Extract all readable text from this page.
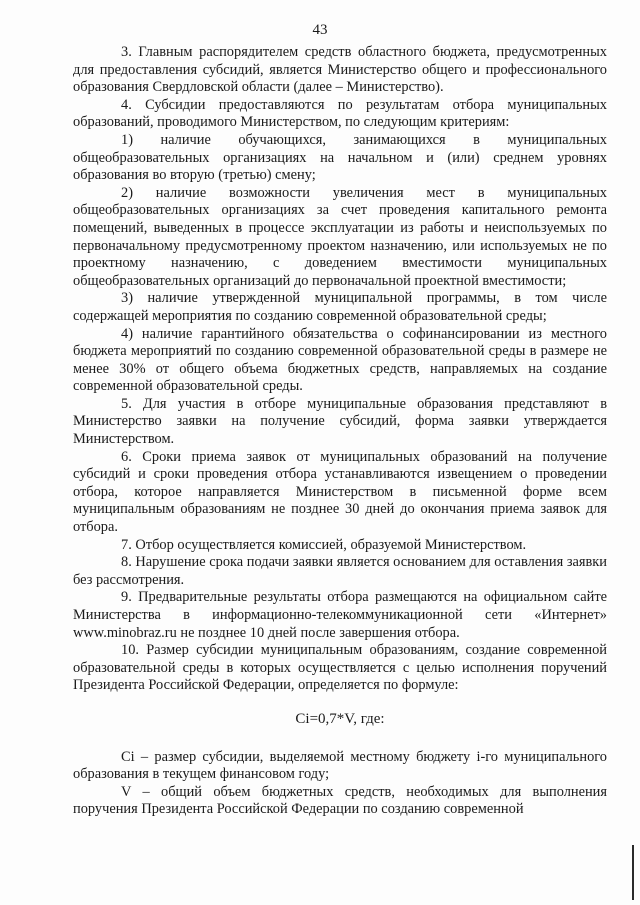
43

3. Главным распорядителем средств областного бюджета, предусмотренных для предоставления субсидий, является Министерство общего и профессионального образования Свердловской области (далее – Министерство).

4. Субсидии предоставляются по результатам отбора муниципальных образований, проводимого Министерством, по следующим критериям:

1) наличие обучающихся, занимающихся в муниципальных общеобразовательных организациях на начальном и (или) среднем уровнях образования во вторую (третью) смену;

2) наличие возможности увеличения мест в муниципальных общеобразовательных организациях за счет проведения капитального ремонта помещений, выведенных в процессе эксплуатации из работы и неиспользуемых по первоначальному предусмотренному проектом назначению, или используемых не по проектному назначению, с доведением вместимости муниципальных общеобразовательных организаций до первоначальной проектной вместимости;

3) наличие утвержденной муниципальной программы, в том числе содержащей мероприятия по созданию современной образовательной среды;

4) наличие гарантийного обязательства о софинансировании из местного бюджета мероприятий по созданию современной образовательной среды в размере не менее 30% от общего объема бюджетных средств, направляемых на создание современной образовательной среды.

5. Для участия в отборе муниципальные образования представляют в Министерство заявки на получение субсидий, форма заявки утверждается Министерством.

6. Сроки приема заявок от муниципальных образований на получение субсидий и сроки проведения отбора устанавливаются извещением о проведении отбора, которое направляется Министерством в письменной форме всем муниципальным образованиям не позднее 30 дней до окончания приема заявок для отбора.

7. Отбор осуществляется комиссией, образуемой Министерством.

8. Нарушение срока подачи заявки является основанием для оставления заявки без рассмотрения.

9. Предварительные результаты отбора размещаются на официальном сайте Министерства в информационно-телекоммуникационной сети «Интернет» www.minobraz.ru не позднее 10 дней после завершения отбора.

10. Размер субсидии муниципальным образованиям, создание современной образовательной среды в которых осуществляется с целью исполнения поручений Президента Российской Федерации, определяется по формуле:

Ci=0,7*V, где:

Ci – размер субсидии, выделяемой местному бюджету i-го муниципального образования в текущем финансовом году;

V – общий объем бюджетных средств, необходимых для выполнения поручения Президента Российской Федерации по созданию современной
